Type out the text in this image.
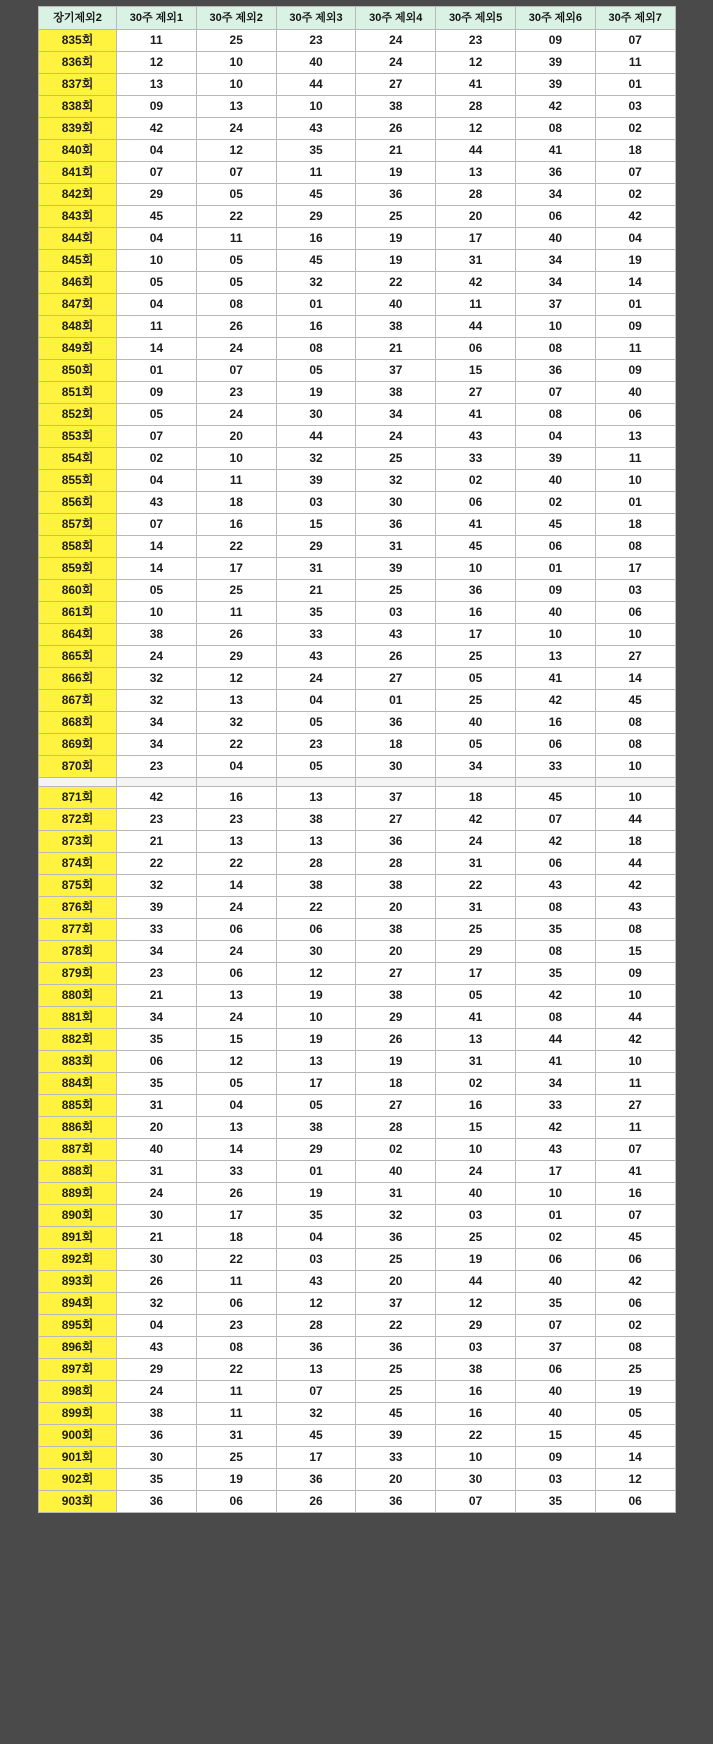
장기제외2	30주 제외1	30주 제외2	30주 제외3	30주 제외4	30주 제외5	30주 제외6	30주 제외7
835회	11	25	23	24	23	09	07
836회	12	10	40	24	12	39	11
837회	13	10	44	27	41	39	01
838회	09	13	10	38	28	42	03
839회	42	24	43	26	12	08	02
840회	04	12	35	21	44	41	18
841회	07	07	11	19	13	36	07
842회	29	05	45	36	28	34	02
843회	45	22	29	25	20	06	42
844회	04	11	16	19	17	40	04
845회	10	05	45	19	31	34	19
846회	05	05	32	22	42	34	14
847회	04	08	01	40	11	37	01
848회	11	26	16	38	44	10	09
849회	14	24	08	21	06	08	11
850회	01	07	05	37	15	36	09
851회	09	23	19	38	27	07	40
852회	05	24	30	34	41	08	06
853회	07	20	44	24	43	04	13
854회	02	10	32	25	33	39	11
855회	04	11	39	32	02	40	10
856회	43	18	03	30	06	02	01
857회	07	16	15	36	41	45	18
858회	14	22	29	31	45	06	08
859회	14	17	31	39	10	01	17
860회	05	25	21	25	36	09	03
861회	10	11	35	03	16	40	06
864회	38	26	33	43	17	10	10
865회	24	29	43	26	25	13	27
866회	32	12	24	27	05	41	14
867회	32	13	04	01	25	42	45
868회	34	32	05	36	40	16	08
869회	34	22	23	18	05	06	08
870회	23	04	05	30	34	33	10

871회	42	16	13	37	18	45	10
872회	23	23	38	27	42	07	44
873회	21	13	13	36	24	42	18
874회	22	22	28	28	31	06	44
875회	32	14	38	38	22	43	42
876회	39	24	22	20	31	08	43
877회	33	06	06	38	25	35	08
878회	34	24	30	20	29	08	15
879회	23	06	12	27	17	35	09
880회	21	13	19	38	05	42	10
881회	34	24	10	29	41	08	44
882회	35	15	19	26	13	44	42
883회	06	12	13	19	31	41	10
884회	35	05	17	18	02	34	11
885회	31	04	05	27	16	33	27
886회	20	13	38	28	15	42	11
887회	40	14	29	02	10	43	07
888회	31	33	01	40	24	17	41
889회	24	26	19	31	40	10	16
890회	30	17	35	32	03	01	07
891회	21	18	04	36	25	02	45
892회	30	22	03	25	19	06	06
893회	26	11	43	20	44	40	42
894회	32	06	12	37	12	35	06
895회	04	23	28	22	29	07	02
896회	43	08	36	36	03	37	08
897회	29	22	13	25	38	06	25
898회	24	11	07	25	16	40	19
899회	38	11	32	45	16	40	05
900회	36	31	45	39	22	15	45
901회	30	25	17	33	10	09	14
902회	35	19	36	20	30	03	12
903회	36	06	26	36	07	35	06
